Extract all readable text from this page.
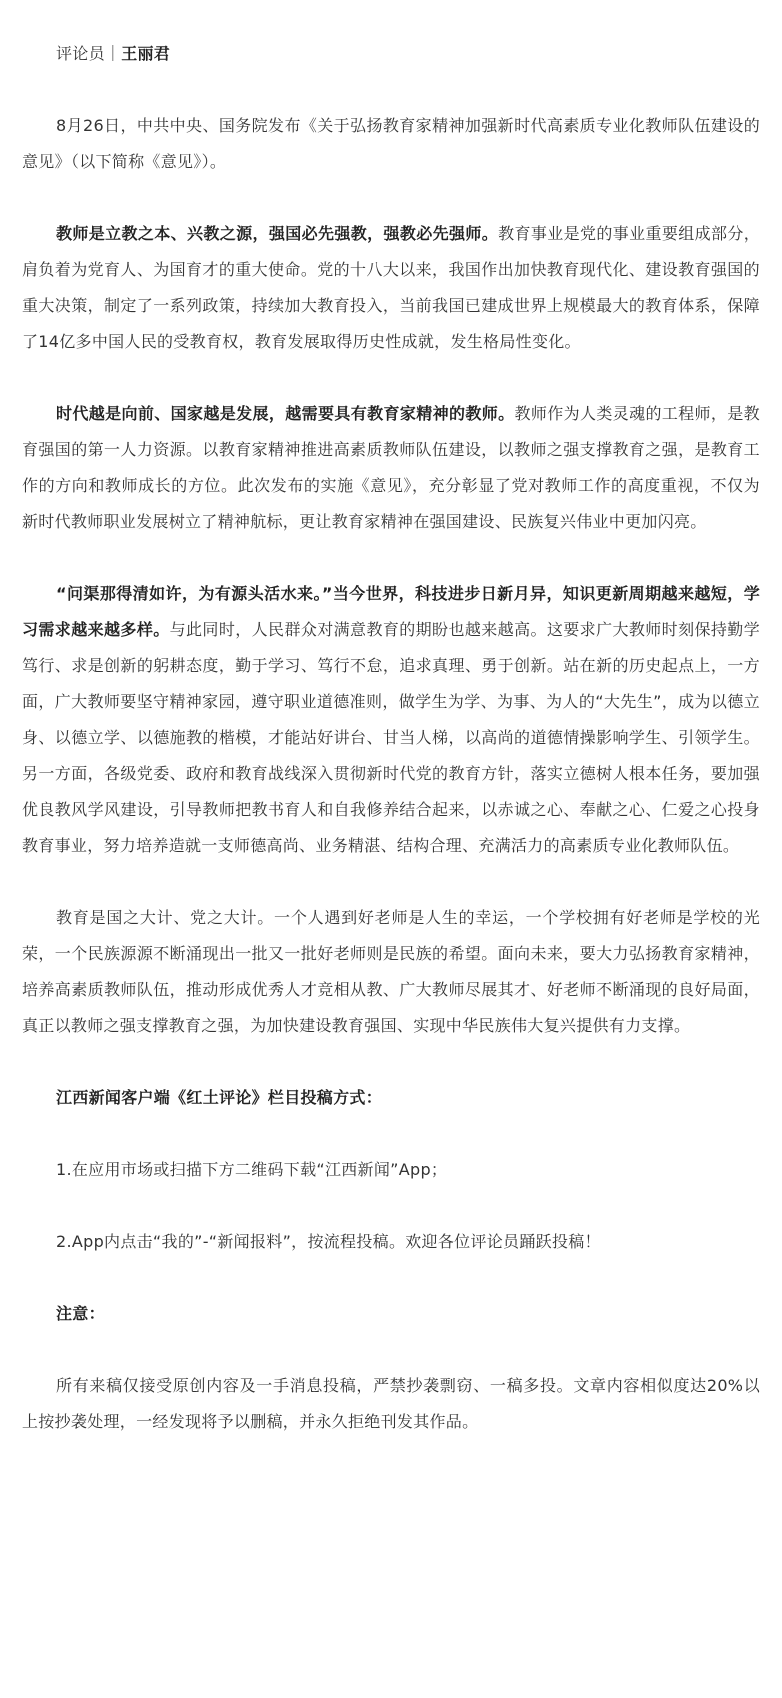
评论员｜王丽君

8月26日，中共中央、国务院发布《关于弘扬教育家精神加强新时代高素质专业化教师队伍建设的意见》（以下简称《意见》）。

教师是立教之本、兴教之源，强国必先强教，强教必先强师。教育事业是党的事业重要组成部分，肩负着为党育人、为国育才的重大使命。党的十八大以来，我国作出加快教育现代化、建设教育强国的重大决策，制定了一系列政策，持续加大教育投入，当前我国已建成世界上规模最大的教育体系，保障了14亿多中国人民的受教育权，教育发展取得历史性成就，发生格局性变化。

时代越是向前、国家越是发展，越需要具有教育家精神的教师。教师作为人类灵魂的工程师，是教育强国的第一人力资源。以教育家精神推进高素质教师队伍建设，以教师之强支撑教育之强，是教育工作的方向和教师成长的方位。此次发布的实施《意见》，充分彰显了党对教师工作的高度重视，不仅为新时代教师职业发展树立了精神航标，更让教育家精神在强国建设、民族复兴伟业中更加闪亮。

“问渠那得清如许，为有源头活水来。”当今世界，科技进步日新月异，知识更新周期越来越短，学习需求越来越多样。与此同时，人民群众对满意教育的期盼也越来越高。这要求广大教师时刻保持勤学笃行、求是创新的躬耕态度，勤于学习、笃行不怠，追求真理、勇于创新。站在新的历史起点上，一方面，广大教师要坚守精神家园，遵守职业道德准则，做学生为学、为事、为人的“大先生”，成为以德立身、以德立学、以德施教的楷模，才能站好讲台、甘当人梯，以高尚的道德情操影响学生、引领学生。另一方面，各级党委、政府和教育战线深入贯彻新时代党的教育方针，落实立德树人根本任务，要加强优良教风学风建设，引导教师把教书育人和自我修养结合起来，以赤诚之心、奉献之心、仁爱之心投身教育事业，努力培养造就一支师德高尚、业务精湛、结构合理、充满活力的高素质专业化教师队伍。

教育是国之大计、党之大计。一个人遇到好老师是人生的幸运，一个学校拥有好老师是学校的光荣，一个民族源源不断涌现出一批又一批好老师则是民族的希望。面向未来，要大力弘扬教育家精神，培养高素质教师队伍，推动形成优秀人才竞相从教、广大教师尽展其才、好老师不断涌现的良好局面，真正以教师之强支撑教育之强，为加快建设教育强国、实现中华民族伟大复兴提供有力支撑。

江西新闻客户端《红土评论》栏目投稿方式：

1.在应用市场或扫描下方二维码下载“江西新闻”App；

2.App内点击“我的”-“新闻报料”，按流程投稿。欢迎各位评论员踊跃投稿！

注意：

所有来稿仅接受原创内容及一手消息投稿，严禁抄袭剽窃、一稿多投。文章内容相似度达20%以上按抄袭处理，一经发现将予以删稿，并永久拒绝刊发其作品。
